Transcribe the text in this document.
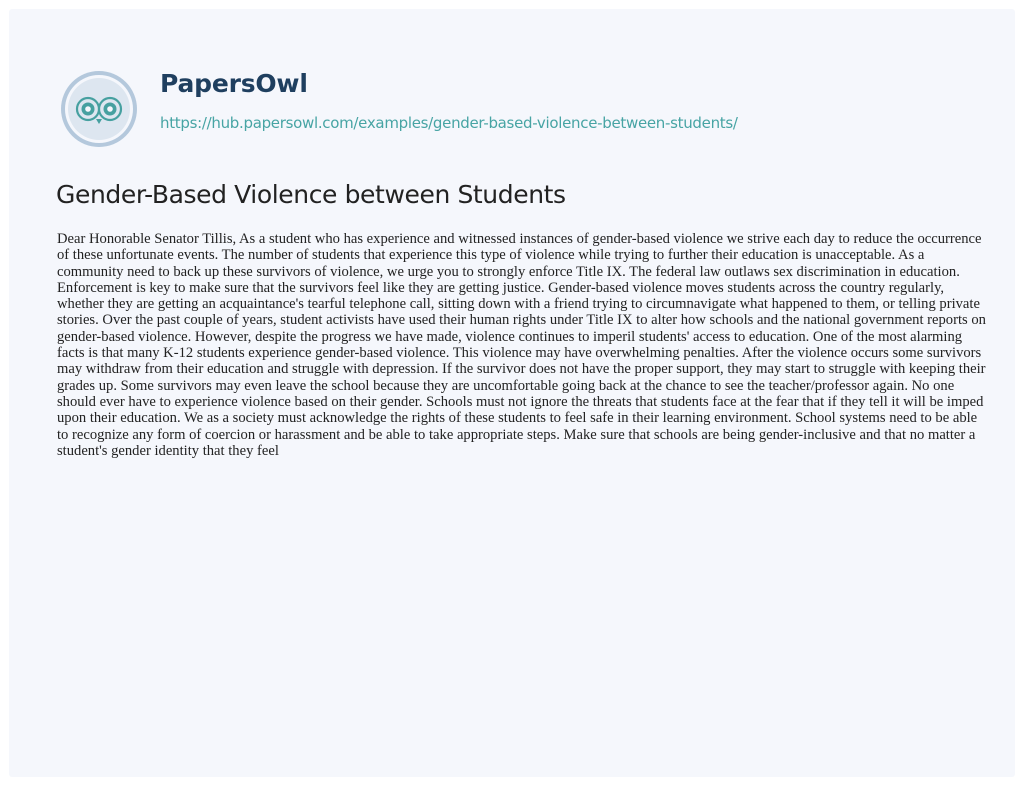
PapersOwl
https://hub.papersowl.com/examples/gender-based-violence-between-students/
Gender-Based Violence between Students

Dear Honorable Senator Tillis, As a student who has experience and witnessed instances of gender-based violence we strive each day to reduce the occurrence of these unfortunate events. The number of students that experience this type of violence while trying to further their education is unacceptable. As a community need to back up these survivors of violence, we urge you to strongly enforce Title IX. The federal law outlaws sex discrimination in education. Enforcement is key to make sure that the survivors feel like they are getting justice. Gender-based violence moves students across the country regularly, whether they are getting an acquaintance's tearful telephone call, sitting down with a friend trying to circumnavigate what happened to them, or telling private stories. Over the past couple of years, student activists have used their human rights under Title IX to alter how schools and the national government reports on gender-based violence. However, despite the progress we have made, violence continues to imperil students' access to education. One of the most alarming facts is that many K-12 students experience gender-based violence. This violence may have overwhelming penalties. After the violence occurs some survivors may withdraw from their education and struggle with depression. If the survivor does not have the proper support, they may start to struggle with keeping their grades up. Some survivors may even leave the school because they are uncomfortable going back at the chance to see the teacher/professor again. No one should ever have to experience violence based on their gender. Schools must not ignore the threats that students face at the fear that if they tell it will be imped upon their education. We as a society must acknowledge the rights of these students to feel safe in their learning environment. School systems need to be able to recognize any form of coercion or harassment and be able to take appropriate steps. Make sure that schools are being gender-inclusive and that no matter a student's gender identity that they feel
